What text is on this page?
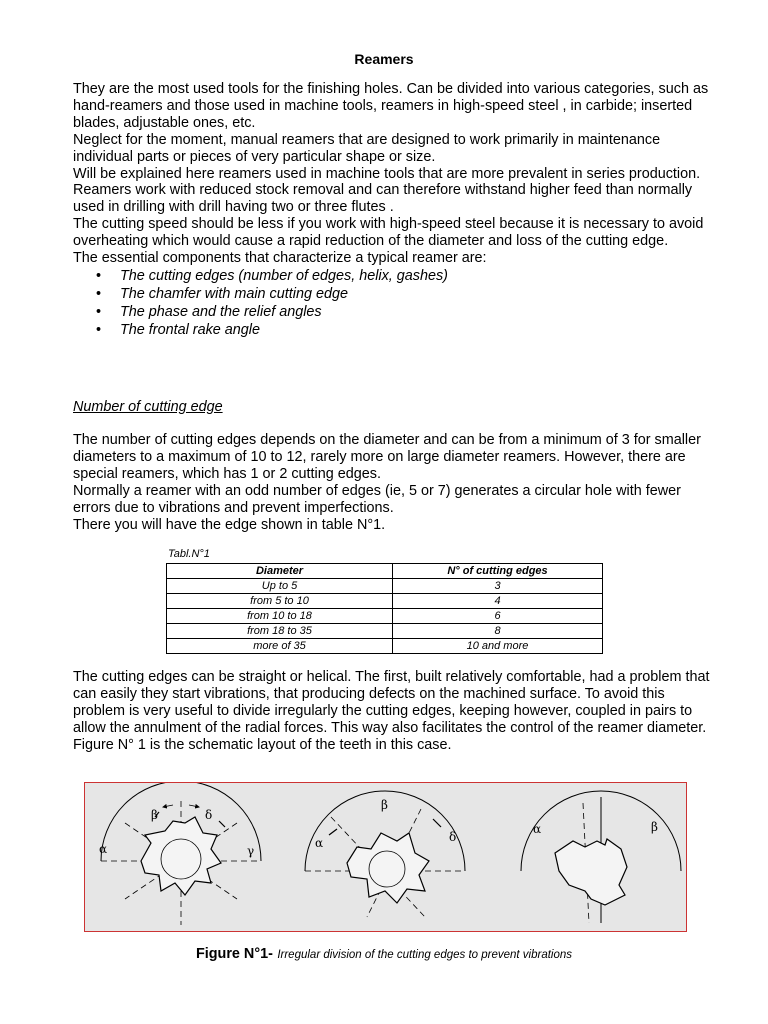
Reamers

They are the most used tools for the finishing holes. Can be divided into various categories, such as hand-reamers and those used in machine tools, reamers in high-speed steel , in carbide; inserted blades, adjustable ones, etc.

Neglect for the moment, manual reamers that are designed to work primarily in maintenance individual parts or pieces of very particular shape or size.

Will be explained here reamers used in machine tools that are more prevalent in series production.

Reamers work with reduced stock removal and can therefore withstand higher feed than normally used in drilling with drill having two or three flutes .

The cutting speed should be less if you work with high-speed steel because it is necessary to avoid overheating which would cause a rapid reduction of the diameter and loss of the cutting edge.

The essential components that characterize a typical reamer are:

• The cutting edges (number of edges, helix, gashes)
• The chamfer with main cutting edge
• The phase and the relief angles
• The frontal rake angle
Number of cutting edge

The number of cutting edges depends on the diameter and can be from a minimum of 3 for smaller diameters to a maximum of 10 to 12, rarely more on large diameter reamers. However, there are special reamers, which has 1 or 2 cutting edges.

Normally a reamer with an odd number of edges (ie, 5 or 7) generates a circular hole with fewer errors due to vibrations and prevent imperfections.

There you will have the edge shown in table N°1.

Tabl.N°1
Diameter	N° of cutting edges
Up to 5	3
from 5 to 10	4
from 10 to 18	6
from 18 to 35	8
more of 35	10 and more

The cutting edges can be straight or helical. The first, built relatively comfortable, had a problem that can easily they start vibrations, that producing defects on the machined surface. To avoid this problem is very useful to divide irregularly the cutting edges, keeping however, coupled in pairs to allow the annulment of the radial forces. This way also facilitates the control of the reamer diameter. Figure N° 1 is the schematic layout of the teeth in this case.

β	δ
α	γ
β
α	δ
α	β
Figure N°1- Irregular division of the cutting edges to prevent vibrations
